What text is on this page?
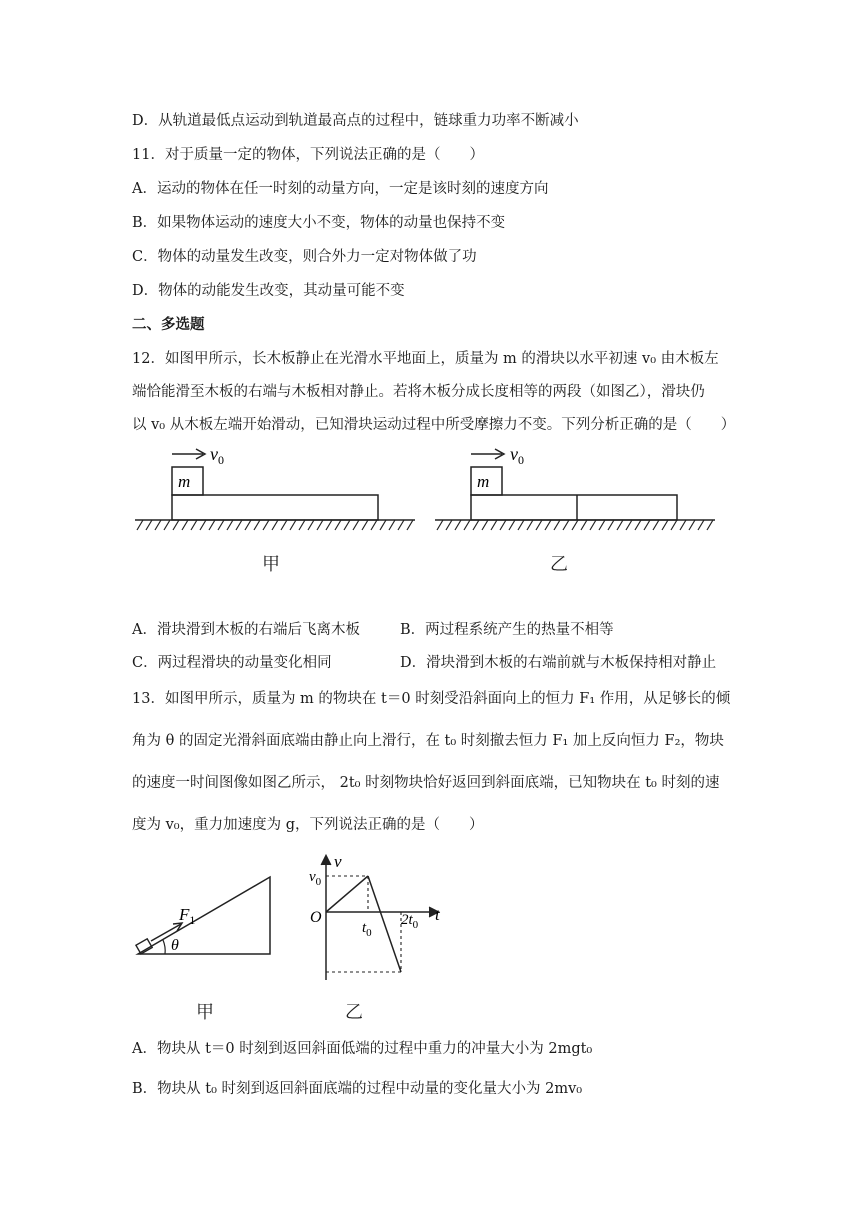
D．从轨道最低点运动到轨道最高点的过程中，链球重力功率不断减小
11．对于质量一定的物体，下列说法正确的是（　　）
A．运动的物体在任一时刻的动量方向，一定是该时刻的速度方向
B．如果物体运动的速度大小不变，物体的动量也保持不变
C．物体的动量发生改变，则合外力一定对物体做了功
D．物体的动能发生改变，其动量可能不变
二、多选题
12．如图甲所示，长木板静止在光滑水平地面上，质量为 m 的滑块以水平初速 v₀ 由木板左
端恰能滑至木板的右端与木板相对静止。若将木板分成长度相等的两段（如图乙），滑块仍
以 v₀ 从木板左端开始滑动，已知滑块运动过程中所受摩擦力不变。下列分析正确的是（　　）
m
$v_0$
m
$v_0$
甲	乙
A．滑块滑到木板的右端后飞离木板	B．两过程系统产生的热量不相等
C．两过程滑块的动量变化相同	D．滑块滑到木板的右端前就与木板保持相对静止
13．如图甲所示，质量为 m 的物块在 t＝0 时刻受沿斜面向上的恒力 F₁ 作用，从足够长的倾
角为 θ 的固定光滑斜面底端由静止向上滑行，在 t₀ 时刻撤去恒力 F₁ 加上反向恒力 F₂，物块
的速度一时间图像如图乙所示， 2t₀ 时刻物块恰好返回到斜面底端，已知物块在 t₀ 时刻的速
度为 v₀，重力加速度为 g，下列说法正确的是（　　）
$F_1$
θ
v
t
O
$v_0$
$t_0$
$2t_0$
甲	乙
A．物块从 t＝0 时刻到返回斜面低端的过程中重力的冲量大小为 2mgt₀
B．物块从 t₀ 时刻到返回斜面底端的过程中动量的变化量大小为 2mv₀
